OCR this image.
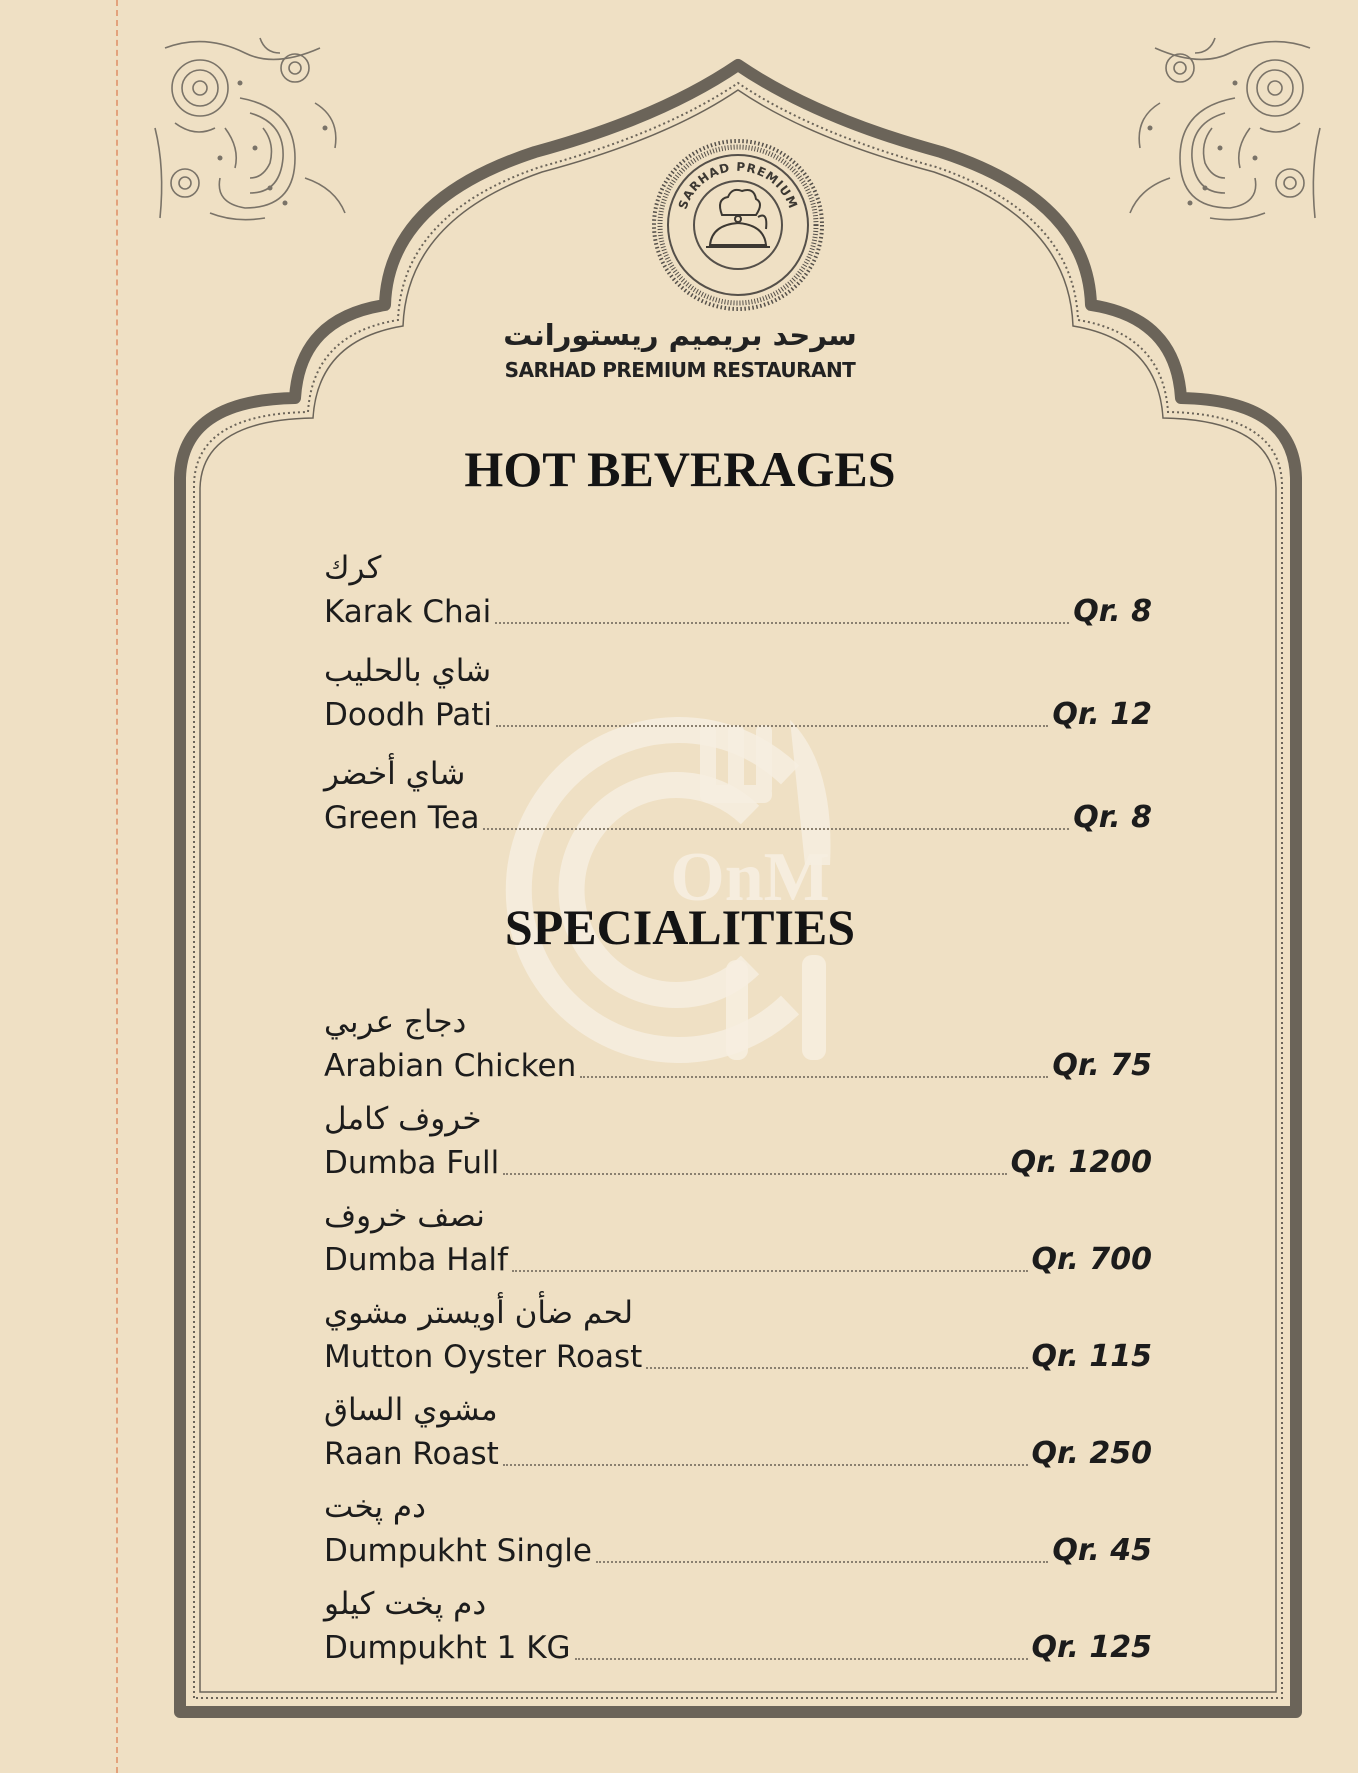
OnM
SARHAD PREMIUM
سرحد بريميم ريستورانت
SARHAD PREMIUM RESTAURANT
HOT BEVERAGES
كرك
Karak Chai	Qr. 8
شاي بالحليب
Doodh Pati	Qr. 12
شاي أخضر
Green Tea	Qr. 8
SPECIALITIES
دجاج عربي
Arabian Chicken	Qr. 75
خروف كامل
Dumba Full	Qr. 1200
نصف خروف
Dumba Half	Qr. 700
لحم ضأن أويستر مشوي
Mutton Oyster Roast	Qr. 115
مشوي الساق
Raan Roast	Qr. 250
دم پخت
Dumpukht Single	Qr. 45
دم پخت كيلو
Dumpukht 1 KG	Qr. 125
